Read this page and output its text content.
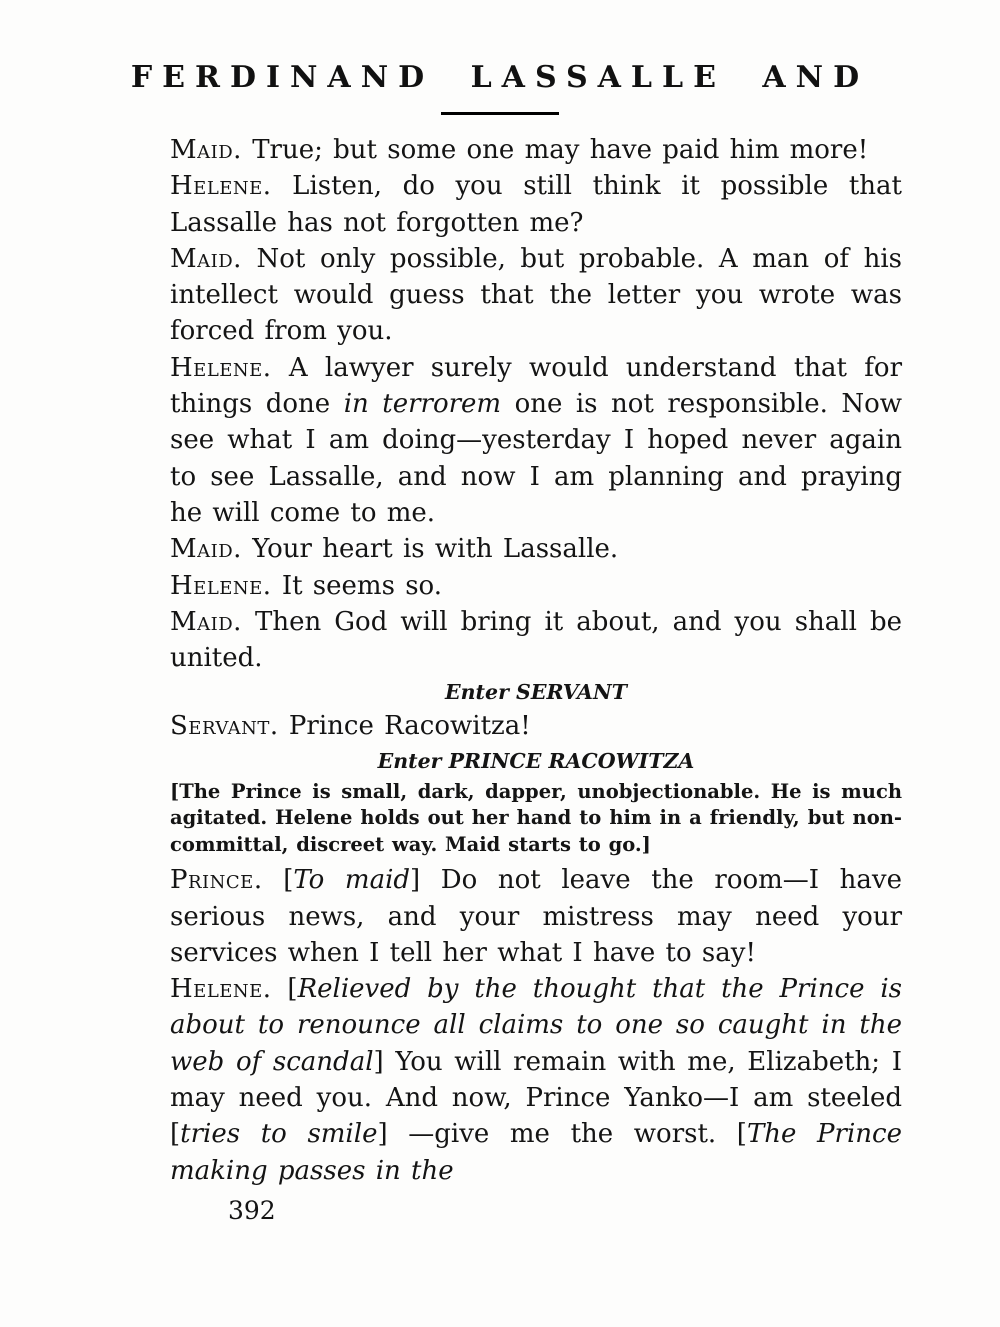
FERDINAND LASSALLE AND

Maid. True; but some one may have paid him more!

Helene. Listen, do you still think it possible that Lassalle has not forgotten me?

Maid. Not only possible, but probable. A man of his intellect would guess that the letter you wrote was forced from you.

Helene. A lawyer surely would understand that for things done in terrorem one is not responsible. Now see what I am doing—yesterday I hoped never again to see Lassalle, and now I am planning and praying he will come to me.

Maid. Your heart is with Lassalle.

Helene. It seems so.

Maid. Then God will bring it about, and you shall be united.

Enter SERVANT

Servant. Prince Racowitza!

Enter PRINCE RACOWITZA

[The Prince is small, dark, dapper, unobjectionable. He is much agitated. Helene holds out her hand to him in a friendly, but non-committal, discreet way. Maid starts to go.]

Prince. [To maid] Do not leave the room—I have serious news, and your mistress may need your services when I tell her what I have to say!

Helene. [Relieved by the thought that the Prince is about to renounce all claims to one so caught in the web of scandal] You will remain with me, Elizabeth; I may need you. And now, Prince Yanko—I am steeled [tries to smile] —give me the worst. [The Prince making passes in the

392
